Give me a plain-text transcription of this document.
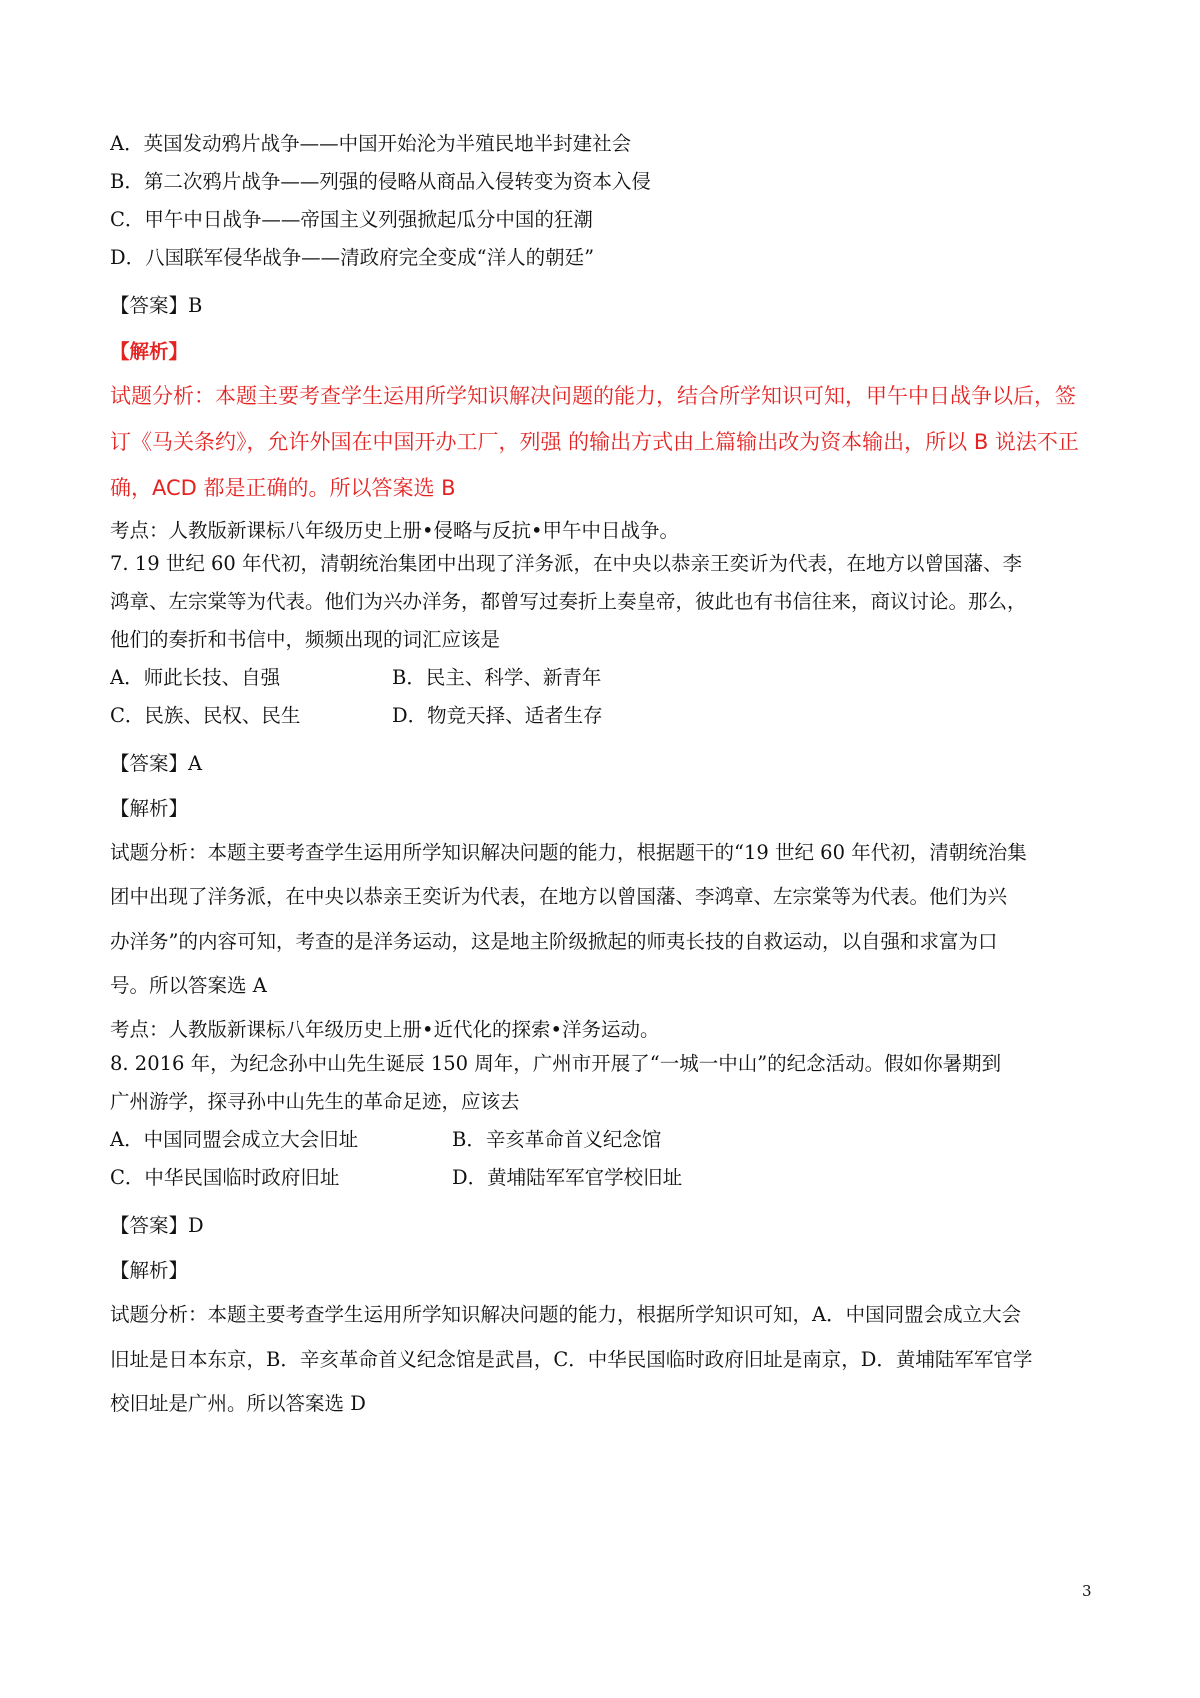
A．英国发动鸦片战争——中国开始沦为半殖民地半封建社会
B．第二次鸦片战争——列强的侵略从商品入侵转变为资本入侵
C．甲午中日战争——帝国主义列强掀起瓜分中国的狂潮
D．八国联军侵华战争——清政府完全变成“洋人的朝廷”
【答案】B
【解析】
试题分析：本题主要考查学生运用所学知识解决问题的能力，结合所学知识可知，甲午中日战争以后，签
订《马关条约》，允许外国在中国开办工厂，列强 的输出方式由上篇输出改为资本输出，所以 B 说法不正
确，ACD 都是正确的。所以答案选 B
考点：人教版新课标八年级历史上册•侵略与反抗•甲午中日战争。
7. 19 世纪 60 年代初，清朝统治集团中出现了洋务派，在中央以恭亲王奕䜣为代表，在地方以曾国藩、李
鸿章、左宗棠等为代表。他们为兴办洋务，都曾写过奏折上奏皇帝，彼此也有书信往来，商议讨论。那么，
他们的奏折和书信中，频频出现的词汇应该是
A．师此长技、自强	B．民主、科学、新青年
C．民族、民权、民生	D．物竞天择、适者生存
【答案】A
【解析】
试题分析：本题主要考查学生运用所学知识解决问题的能力，根据题干的“19 世纪 60 年代初，清朝统治集
团中出现了洋务派，在中央以恭亲王奕䜣为代表，在地方以曾国藩、李鸿章、左宗棠等为代表。他们为兴
办洋务”的内容可知，考查的是洋务运动，这是地主阶级掀起的师夷长技的自救运动，以自强和求富为口
号。所以答案选 A
考点：人教版新课标八年级历史上册•近代化的探索•洋务运动。
8. 2016 年，为纪念孙中山先生诞辰 150 周年，广州市开展了“一城一中山”的纪念活动。假如你暑期到
广州游学，探寻孙中山先生的革命足迹，应该去
A．中国同盟会成立大会旧址	B．辛亥革命首义纪念馆
C．中华民国临时政府旧址	D．黄埔陆军军官学校旧址
【答案】D
【解析】
试题分析：本题主要考查学生运用所学知识解决问题的能力，根据所学知识可知，A．中国同盟会成立大会
旧址是日本东京，B．辛亥革命首义纪念馆是武昌，C．中华民国临时政府旧址是南京，D．黄埔陆军军官学
校旧址是广州。所以答案选 D
3
